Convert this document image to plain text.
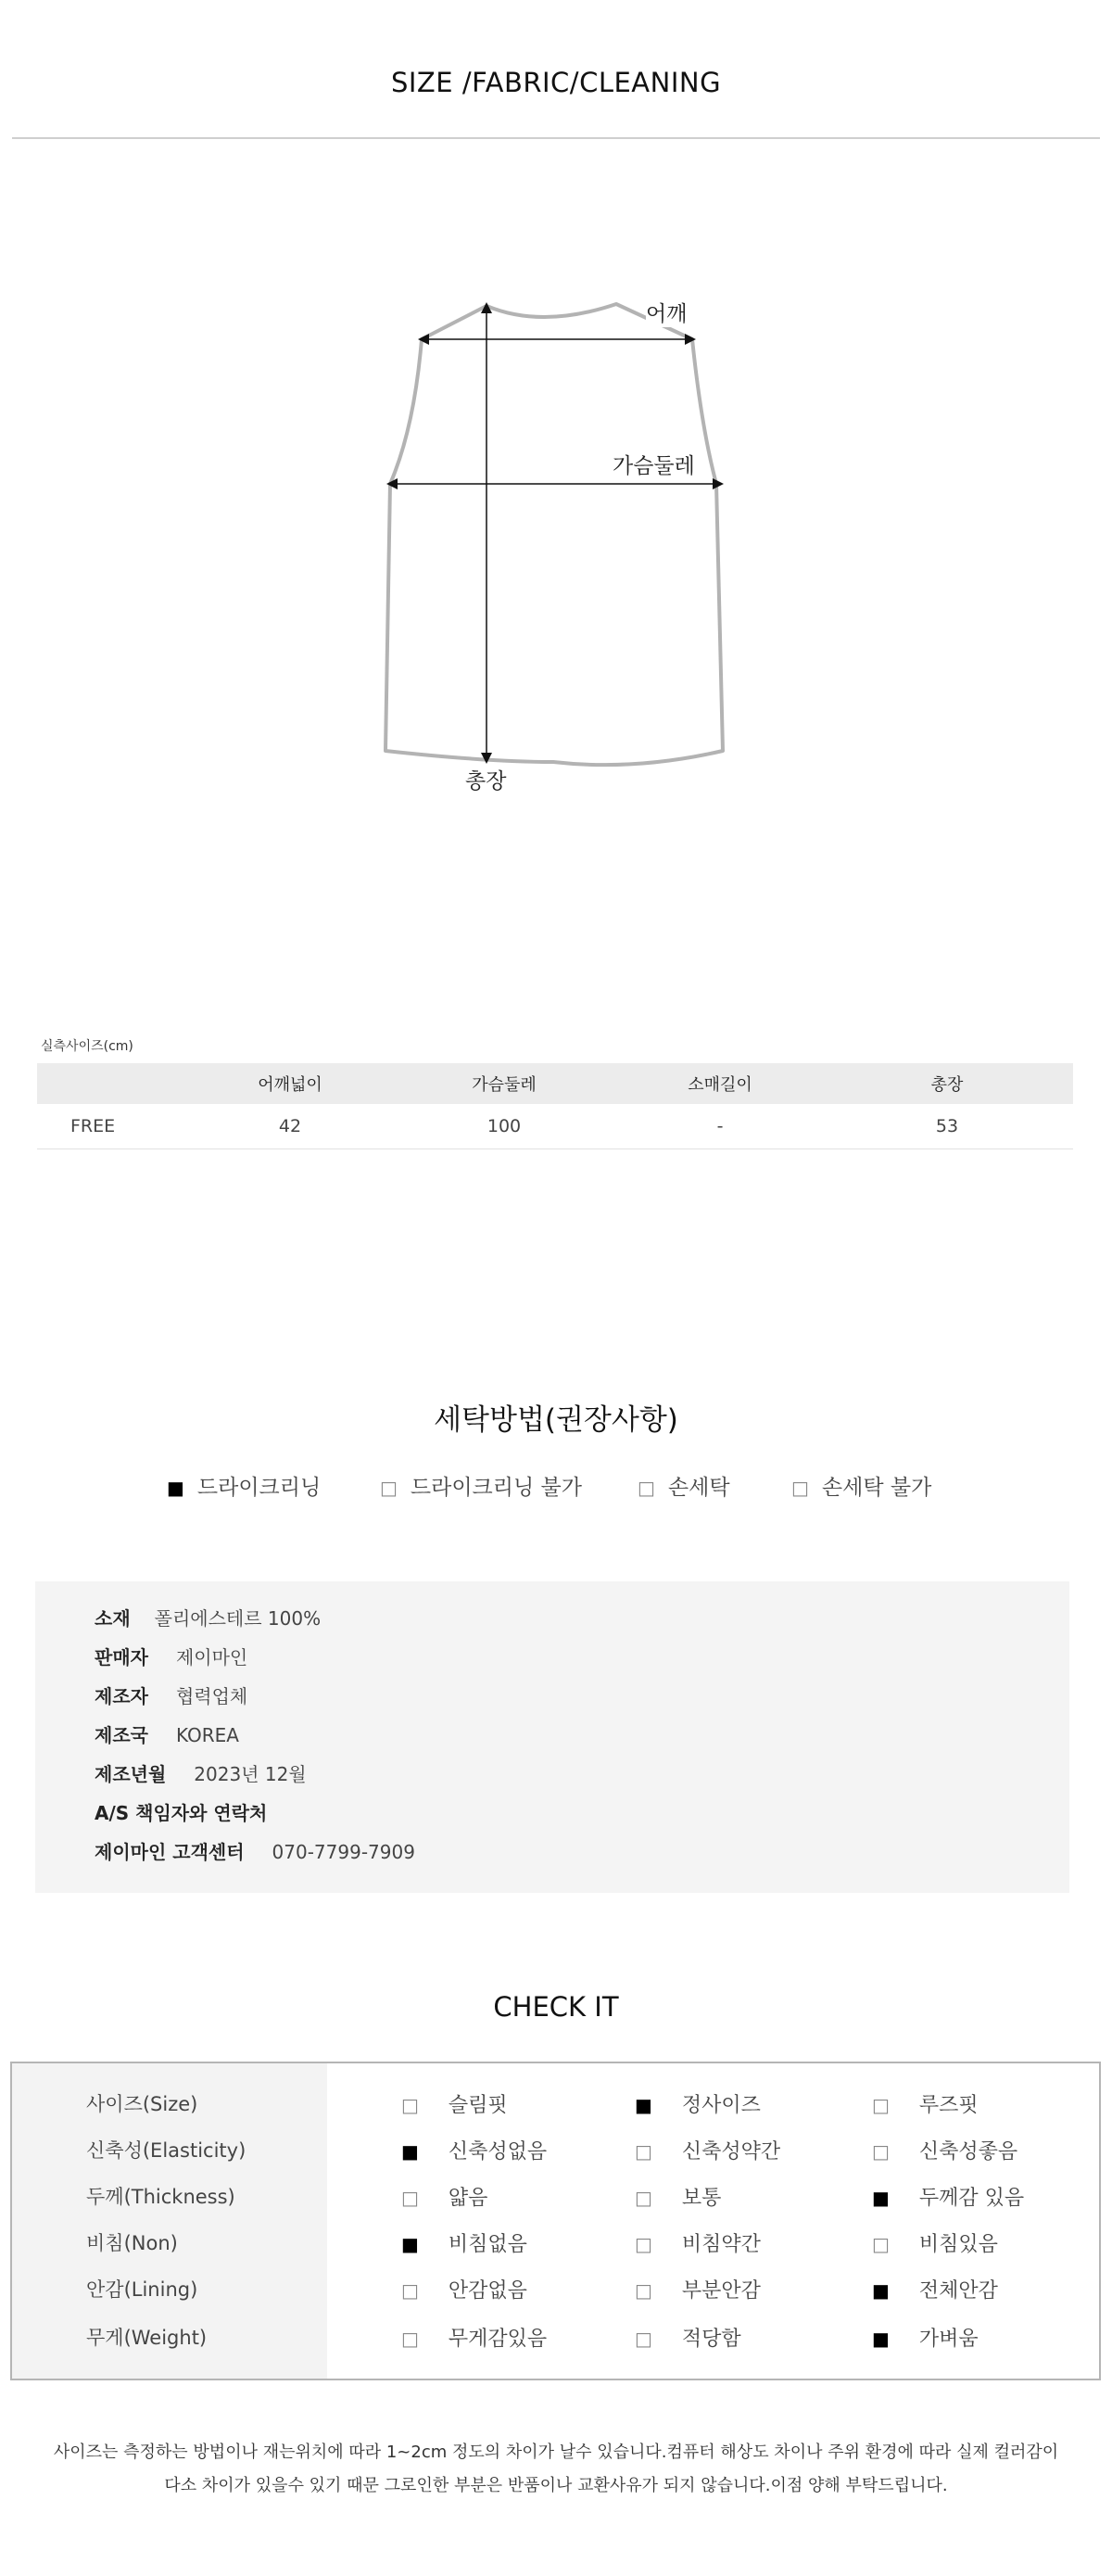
SIZE /FABRIC/CLEANING
어깨
가슴둘레
총장
실측사이즈(cm)
	어깨넓이	가슴둘레	소매길이	총장
FREE	42	100	-	53
세탁방법(권장사항)
■ 드라이크리닝	□ 드라이크리닝 불가	□ 손세탁	□ 손세탁 불가
소재 폴리에스테르 100%
판매자 제이마인
제조자 협력업체
제조국 KOREA
제조년월 2023년 12월
A/S 책임자와 연락처
제이마인 고객센터 070-7799-7909
CHECK IT
사이즈(Size)	□ 슬림핏	■ 정사이즈	□ 루즈핏
신축성(Elasticity)	■ 신축성없음	□ 신축성약간	□ 신축성좋음
두께(Thickness)	□ 얇음	□ 보통	■ 두께감 있음
비침(Non)	■ 비침없음	□ 비침약간	□ 비침있음
안감(Lining)	□ 안감없음	□ 부분안감	■ 전체안감
무게(Weight)	□ 무게감있음	□ 적당함	■ 가벼움
사이즈는 측정하는 방법이나 재는위치에 따라 1~2cm 정도의 차이가 날수 있습니다.컴퓨터 해상도 차이나 주위 환경에 따라 실제 컬러감이
다소 차이가 있을수 있기 때문 그로인한 부분은 반품이나 교환사유가 되지 않습니다.이점 양해 부탁드립니다.
